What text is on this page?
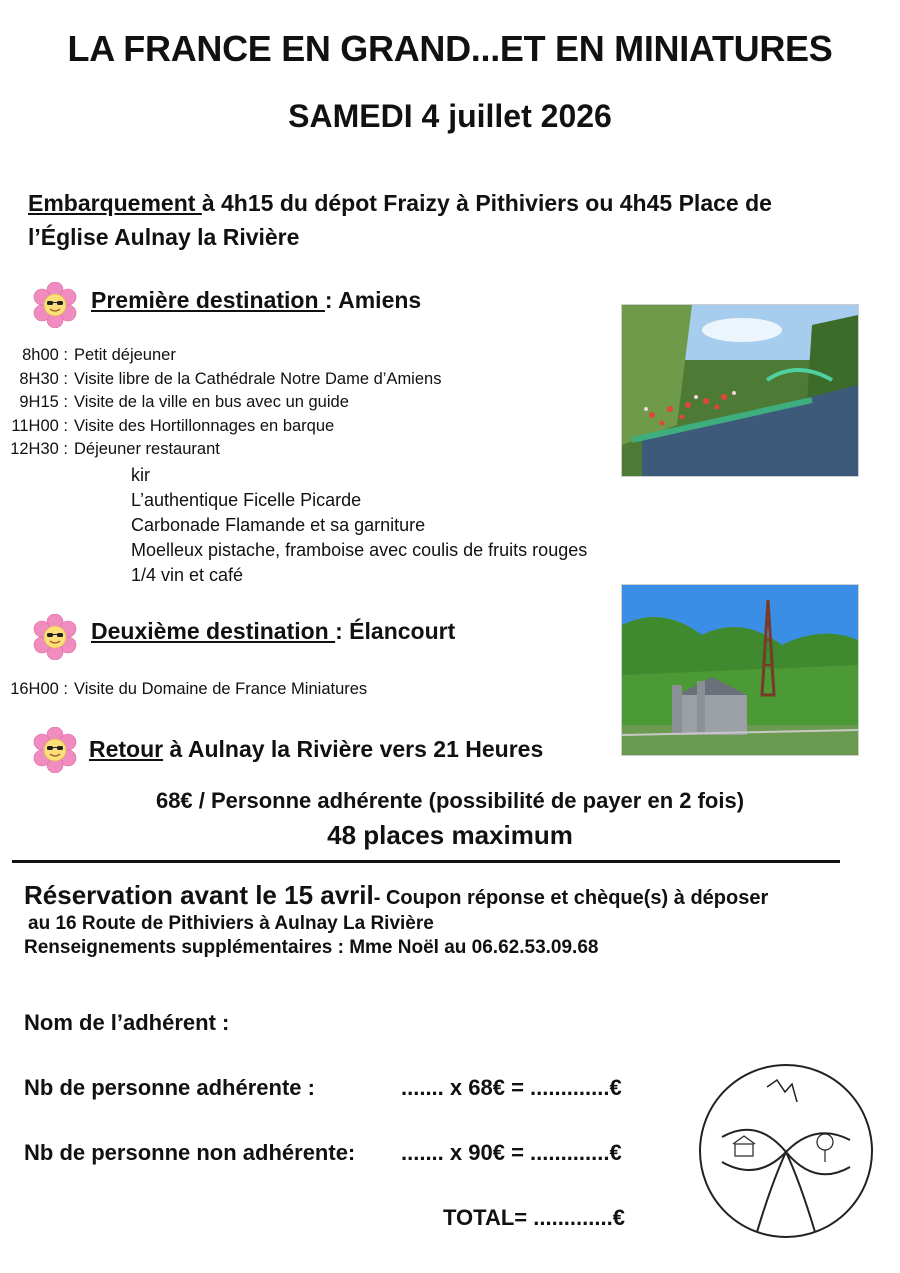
LA FRANCE EN GRAND...ET EN MINIATURES
SAMEDI 4 juillet 2026
Embarquement à 4h15 du dépot Fraizy à Pithiviers ou 4h45 Place de
l’Église Aulnay la Rivière
Première destination : Amiens
8h00 : Petit déjeuner
8H30 : Visite libre de la Cathédrale Notre Dame d’Amiens
9H15 : Visite de la ville en bus avec un guide
11H00 : Visite des Hortillonnages en barque
12H30 : Déjeuner restaurant
kir
L’authentique Ficelle Picarde
Carbonade Flamande et sa garniture
Moelleux pistache, framboise avec coulis de fruits rouges
1/4 vin et café
Deuxième destination : Élancourt
16H00 : Visite du Domaine de France Miniatures
Retour à Aulnay la Rivière vers 21 Heures
68€ / Personne adhérente (possibilité de payer en 2 fois)
48 places maximum
Réservation avant le 15 avril- Coupon réponse et chèque(s) à déposer
au 16 Route de Pithiviers à Aulnay La Rivière
Renseignements supplémentaires : Mme Noël au 06.62.53.09.68
Nom de l’adhérent :
Nb de personne adhérente :	....... x 68€ = .............€
Nb de personne non adhérente: ....... x 90€ = .............€
TOTAL= .............€
